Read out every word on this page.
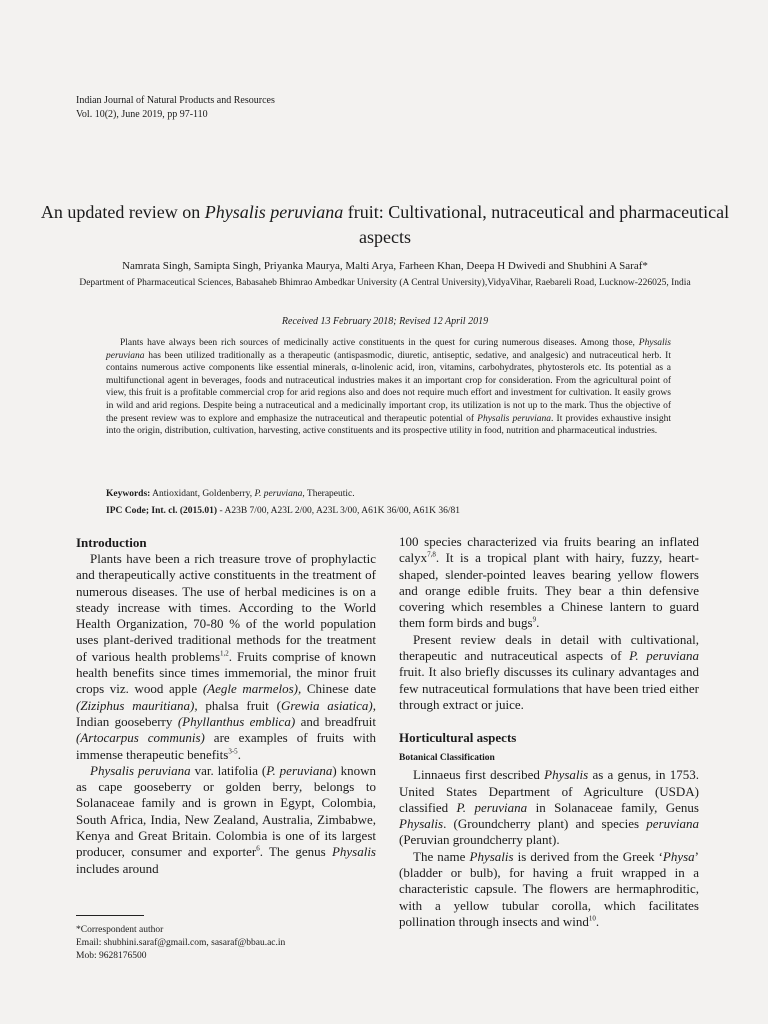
Indian Journal of Natural Products and Resources
Vol. 10(2), June 2019, pp 97-110
An updated review on Physalis peruviana fruit: Cultivational, nutraceutical and pharmaceutical aspects
Namrata Singh, Samipta Singh, Priyanka Maurya, Malti Arya, Farheen Khan, Deepa H Dwivedi and Shubhini A Saraf*
Department of Pharmaceutical Sciences, Babasaheb Bhimrao Ambedkar University (A Central University),VidyaVihar, Raebareli Road, Lucknow-226025, India
Received 13 February 2018; Revised 12 April 2019
Plants have always been rich sources of medicinally active constituents in the quest for curing numerous diseases. Among those, Physalis peruviana has been utilized traditionally as a therapeutic (antispasmodic, diuretic, antiseptic, sedative, and analgesic) and nutraceutical herb. It contains numerous active components like essential minerals, α-linolenic acid, iron, vitamins, carbohydrates, phytosterols etc. Its potential as a multifunctional agent in beverages, foods and nutraceutical industries makes it an important crop for consideration. From the agricultural point of view, this fruit is a profitable commercial crop for arid regions also and does not require much effort and investment for cultivation. It easily grows in wild and arid regions. Despite being a nutraceutical and a medicinally important crop, its utilization is not up to the mark. Thus the objective of the present review was to explore and emphasize the nutraceutical and therapeutic potential of Physalis peruviana. It provides exhaustive insight into the origin, distribution, cultivation, harvesting, active constituents and its prospective utility in food, nutrition and pharmaceutical industries.
Keywords: Antioxidant, Goldenberry, P. peruviana, Therapeutic.
IPC Code; Int. cl. (2015.01) - A23B 7/00, A23L 2/00, A23L 3/00, A61K 36/00, A61K 36/81
Introduction

Plants have been a rich treasure trove of prophylactic and therapeutically active constituents in the treatment of numerous diseases. The use of herbal medicines is on a steady increase with times. According to the World Health Organization, 70-80 % of the world population uses plant-derived traditional methods for the treatment of various health problems$^{1,2}$. Fruits comprise of known health benefits since times immemorial, the minor fruit crops viz. wood apple (Aegle marmelos), Chinese date (Ziziphus mauritiana), phalsa fruit (Grewia asiatica), Indian gooseberry (Phyllanthus emblica) and breadfruit (Artocarpus communis) are examples of fruits with immense therapeutic benefits$^{3-5}$.

Physalis peruviana var. latifolia (P. peruviana) known as cape gooseberry or golden berry, belongs to Solanaceae family and is grown in Egypt, Colombia, South Africa, India, New Zealand, Australia, Zimbabwe, Kenya and Great Britain. Colombia is one of its largest producer, consumer and exporter$^6$. The genus Physalis includes around

100 species characterized via fruits bearing an inflated calyx$^{7,8}$. It is a tropical plant with hairy, fuzzy, heart-shaped, slender-pointed leaves bearing yellow flowers and orange edible fruits. They bear a thin defensive covering which resembles a Chinese lantern to guard them form birds and bugs$^9$.

Present review deals in detail with cultivational, therapeutic and nutraceutical aspects of P. peruviana fruit. It also briefly discusses its culinary advantages and few nutraceutical formulations that have been tried either through extract or juice.

Horticultural aspects
Botanical Classification

Linnaeus first described Physalis as a genus, in 1753. United States Department of Agriculture (USDA) classified P. peruviana in Solanaceae family, Genus Physalis. (Groundcherry plant) and species peruviana (Peruvian groundcherry plant).

The name Physalis is derived from the Greek ‘Physa’ (bladder or bulb), for having a fruit wrapped in a characteristic capsule. The flowers are hermaphroditic, with a yellow tubular corolla, which facilitates pollination through insects and wind$^{10}$.

*Correspondent author
Email: shubhini.saraf@gmail.com, sasaraf@bbau.ac.in
Mob: 9628176500
